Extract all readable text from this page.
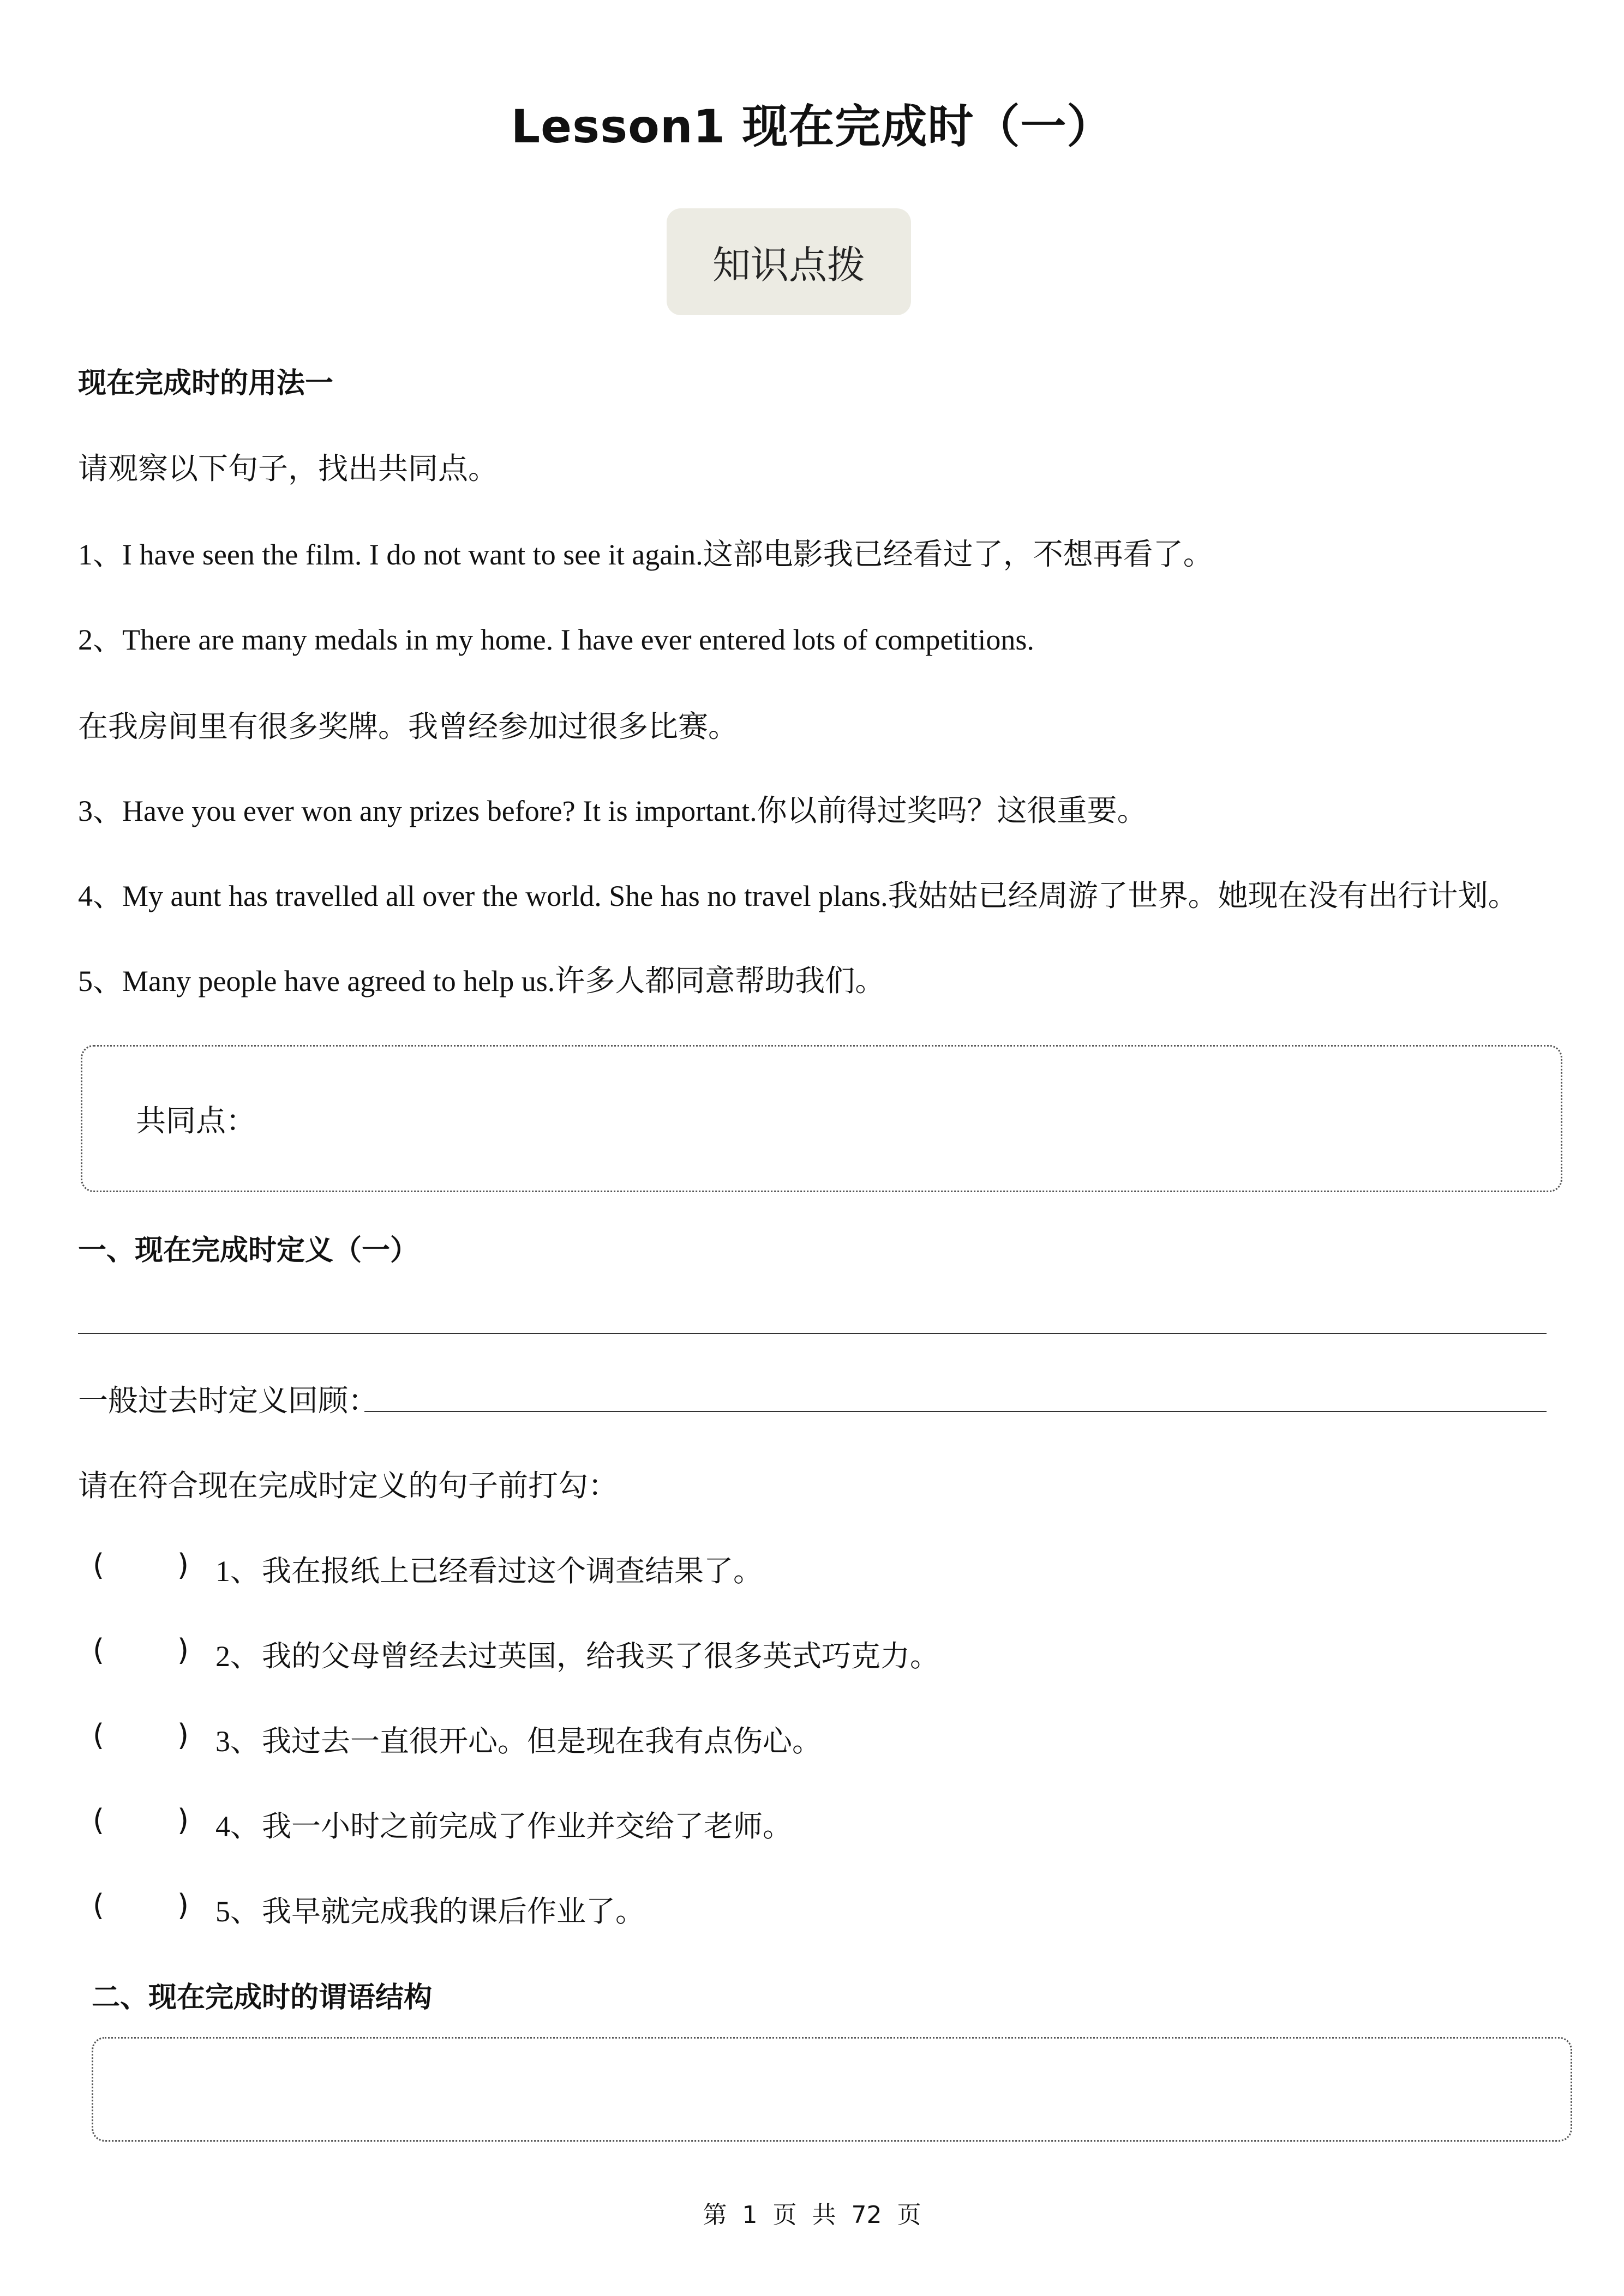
Lesson1 现在完成时（一）
知识点拨
现在完成时的用法一
请观察以下句子，找出共同点。
1、I have seen the film. I do not want to see it again.这部电影我已经看过了，不想再看了。
2、There are many medals in my home. I have ever entered lots of competitions.
在我房间里有很多奖牌。我曾经参加过很多比赛。
3、Have you ever won any prizes before? It is important.你以前得过奖吗？这很重要。
4、My aunt has travelled all over the world. She has no travel plans.我姑姑已经周游了世界。她现在没有出行计划。
5、Many people have agreed to help us.许多人都同意帮助我们。
共同点：
一、现在完成时定义（一）
一般过去时定义回顾：
请在符合现在完成时定义的句子前打勾：
( ) 1、 我在报纸上已经看过这个调查结果了。
( ) 2、 我的父母曾经去过英国，给我买了很多英式巧克力。
( ) 3、 我过去一直很开心。但是现在我有点伤心。
( ) 4、 我一小时之前完成了作业并交给了老师。
( ) 5、 我早就完成我的课后作业了。
二、现在完成时的谓语结构
第 1 页 共 72 页
